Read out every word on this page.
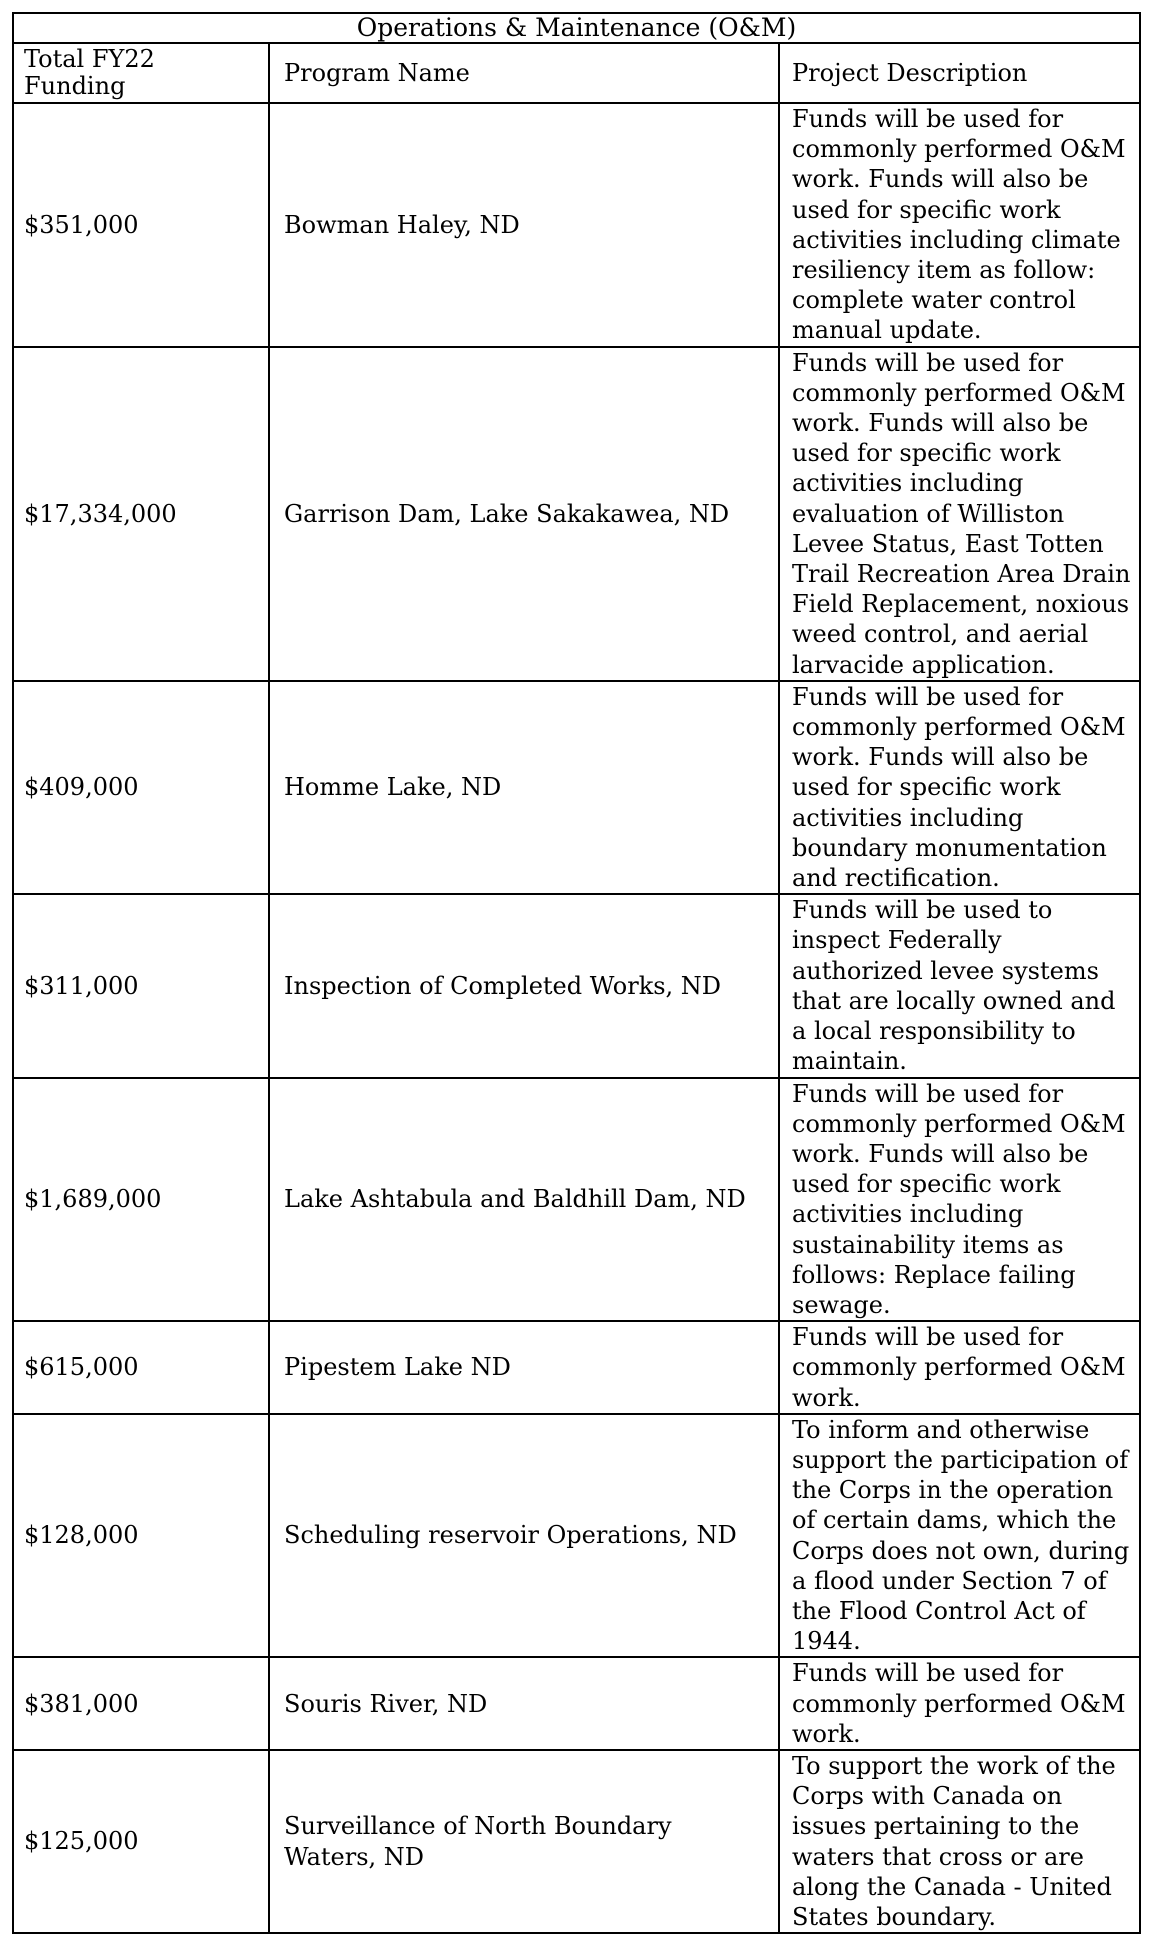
Operations & Maintenance (O&M)		
Total FY22 Funding	Program Name	Project Description
$351,000	Bowman Haley, ND	Funds will be used for commonly performed O&M work. Funds will also be used for specific work activities including climate resiliency item as follow: complete water control manual update.
$17,334,000	Garrison Dam, Lake Sakakawea, ND	Funds will be used for commonly performed O&M work. Funds will also be used for specific work activities including evaluation of Williston Levee Status, East Totten Trail Recreation Area Drain Field Replacement, noxious weed control, and aerial larvacide application.
$409,000	Homme Lake, ND	Funds will be used for commonly performed O&M work. Funds will also be used for specific work activities including boundary monumentation and rectification.
$311,000	Inspection of Completed Works, ND	Funds will be used to inspect Federally authorized levee systems that are locally owned and a local responsibility to maintain.
$1,689,000	Lake Ashtabula and Baldhill Dam, ND	Funds will be used for commonly performed O&M work. Funds will also be used for specific work activities including sustainability items as follows: Replace failing sewage.
$615,000	Pipestem Lake ND	Funds will be used for commonly performed O&M work.
$128,000	Scheduling reservoir Operations, ND	To inform and otherwise support the participation of the Corps in the operation of certain dams, which the Corps does not own, during a flood under Section 7 of the Flood Control Act of 1944.
$381,000	Souris River, ND	Funds will be used for commonly performed O&M work.
$125,000	Surveillance of North Boundary Waters, ND	To support the work of the Corps with Canada on issues pertaining to the waters that cross or are along the Canada - United States boundary.
